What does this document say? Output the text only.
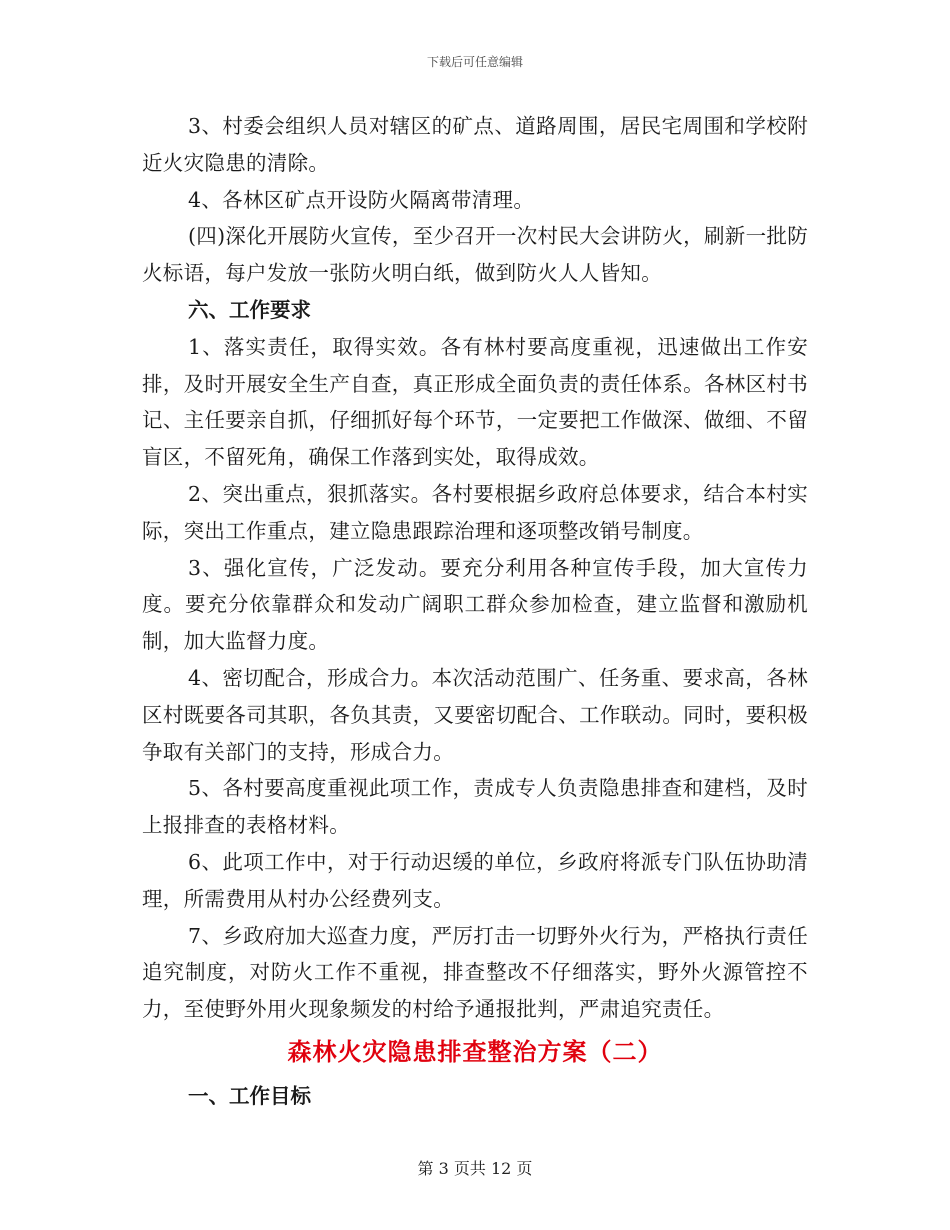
下载后可任意编辑

3、村委会组织人员对辖区的矿点、道路周围，居民宅周围和学校附近火灾隐患的清除。

4、各林区矿点开设防火隔离带清理。

(四)深化开展防火宣传，至少召开一次村民大会讲防火，刷新一批防火标语，每户发放一张防火明白纸，做到防火人人皆知。

六、工作要求

1、落实责任，取得实效。各有林村要高度重视，迅速做出工作安排，及时开展安全生产自查，真正形成全面负责的责任体系。各林区村书记、主任要亲自抓，仔细抓好每个环节，一定要把工作做深、做细、不留盲区，不留死角，确保工作落到实处，取得成效。

2、突出重点，狠抓落实。各村要根据乡政府总体要求，结合本村实际，突出工作重点，建立隐患跟踪治理和逐项整改销号制度。

3、强化宣传，广泛发动。要充分利用各种宣传手段，加大宣传力度。要充分依靠群众和发动广阔职工群众参加检查，建立监督和激励机制，加大监督力度。

4、密切配合，形成合力。本次活动范围广、任务重、要求高，各林区村既要各司其职，各负其责，又要密切配合、工作联动。同时，要积极争取有关部门的支持，形成合力。

5、各村要高度重视此项工作，责成专人负责隐患排查和建档，及时上报排查的表格材料。

6、此项工作中，对于行动迟缓的单位，乡政府将派专门队伍协助清理，所需费用从村办公经费列支。

7、乡政府加大巡查力度，严厉打击一切野外火行为，严格执行责任追究制度，对防火工作不重视，排查整改不仔细落实，野外火源管控不力，至使野外用火现象频发的村给予通报批判，严肃追究责任。

森林火灾隐患排查整治方案（二）

一、工作目标

第 3 页共 12 页
